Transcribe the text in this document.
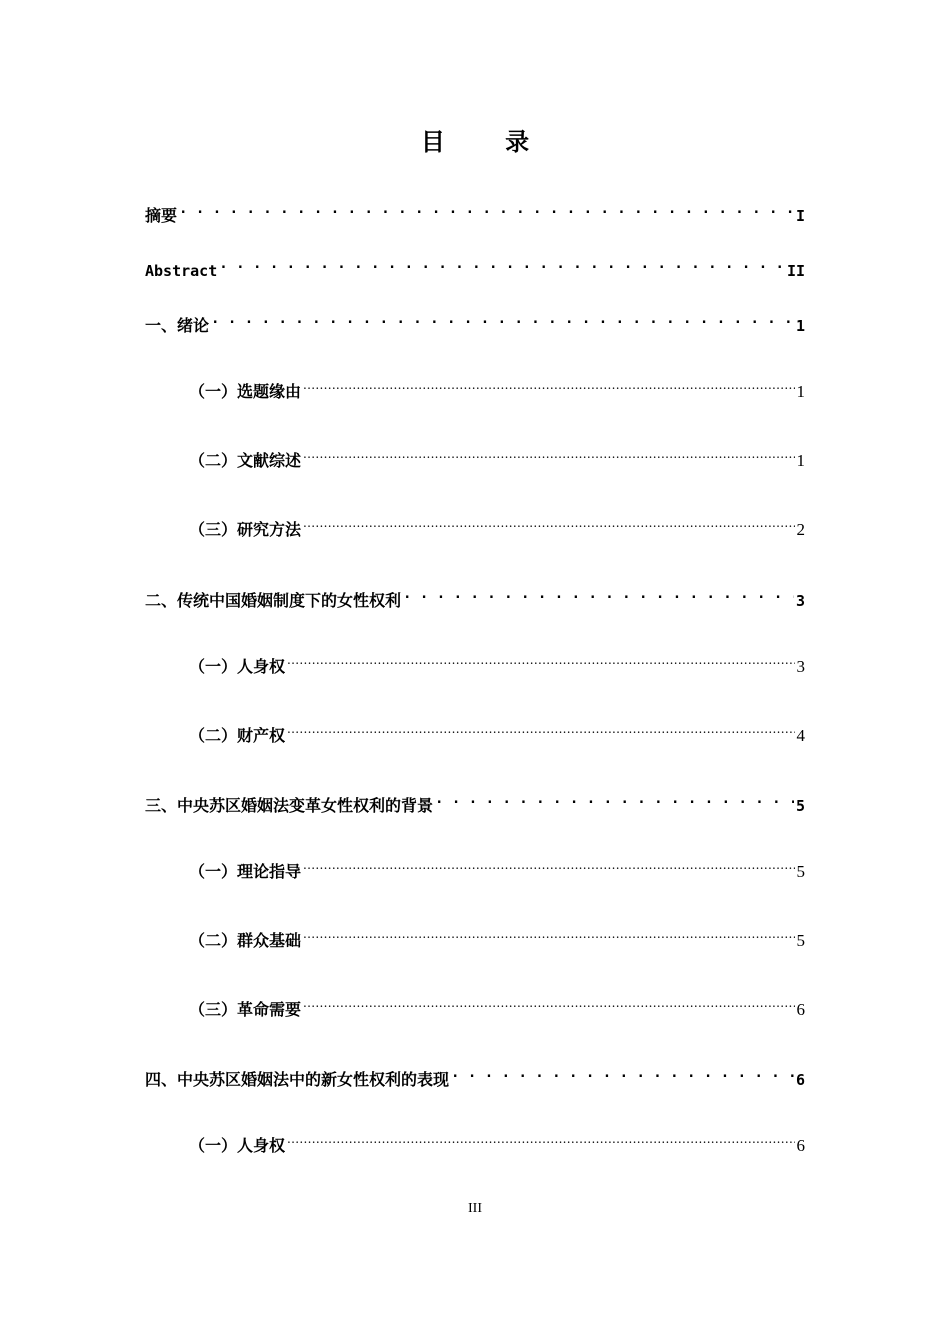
目 录
摘要 . . .	I
Abstract . . .	II
一、绪论 . . .	1
（一）选题缘由 .....	1
（二）文献综述 .....	1
（三）研究方法 .....	2
二、传统中国婚姻制度下的女性权利 . . .	3
（一）人身权 .....	3
（二）财产权 .....	4
三、中央苏区婚姻法变革女性权利的背景 . . .	5
（一）理论指导 .....	5
（二）群众基础 .....	5
（三）革命需要 .....	6
四、中央苏区婚姻法中的新女性权利的表现 . . .	6
（一）人身权 .....	6
III
